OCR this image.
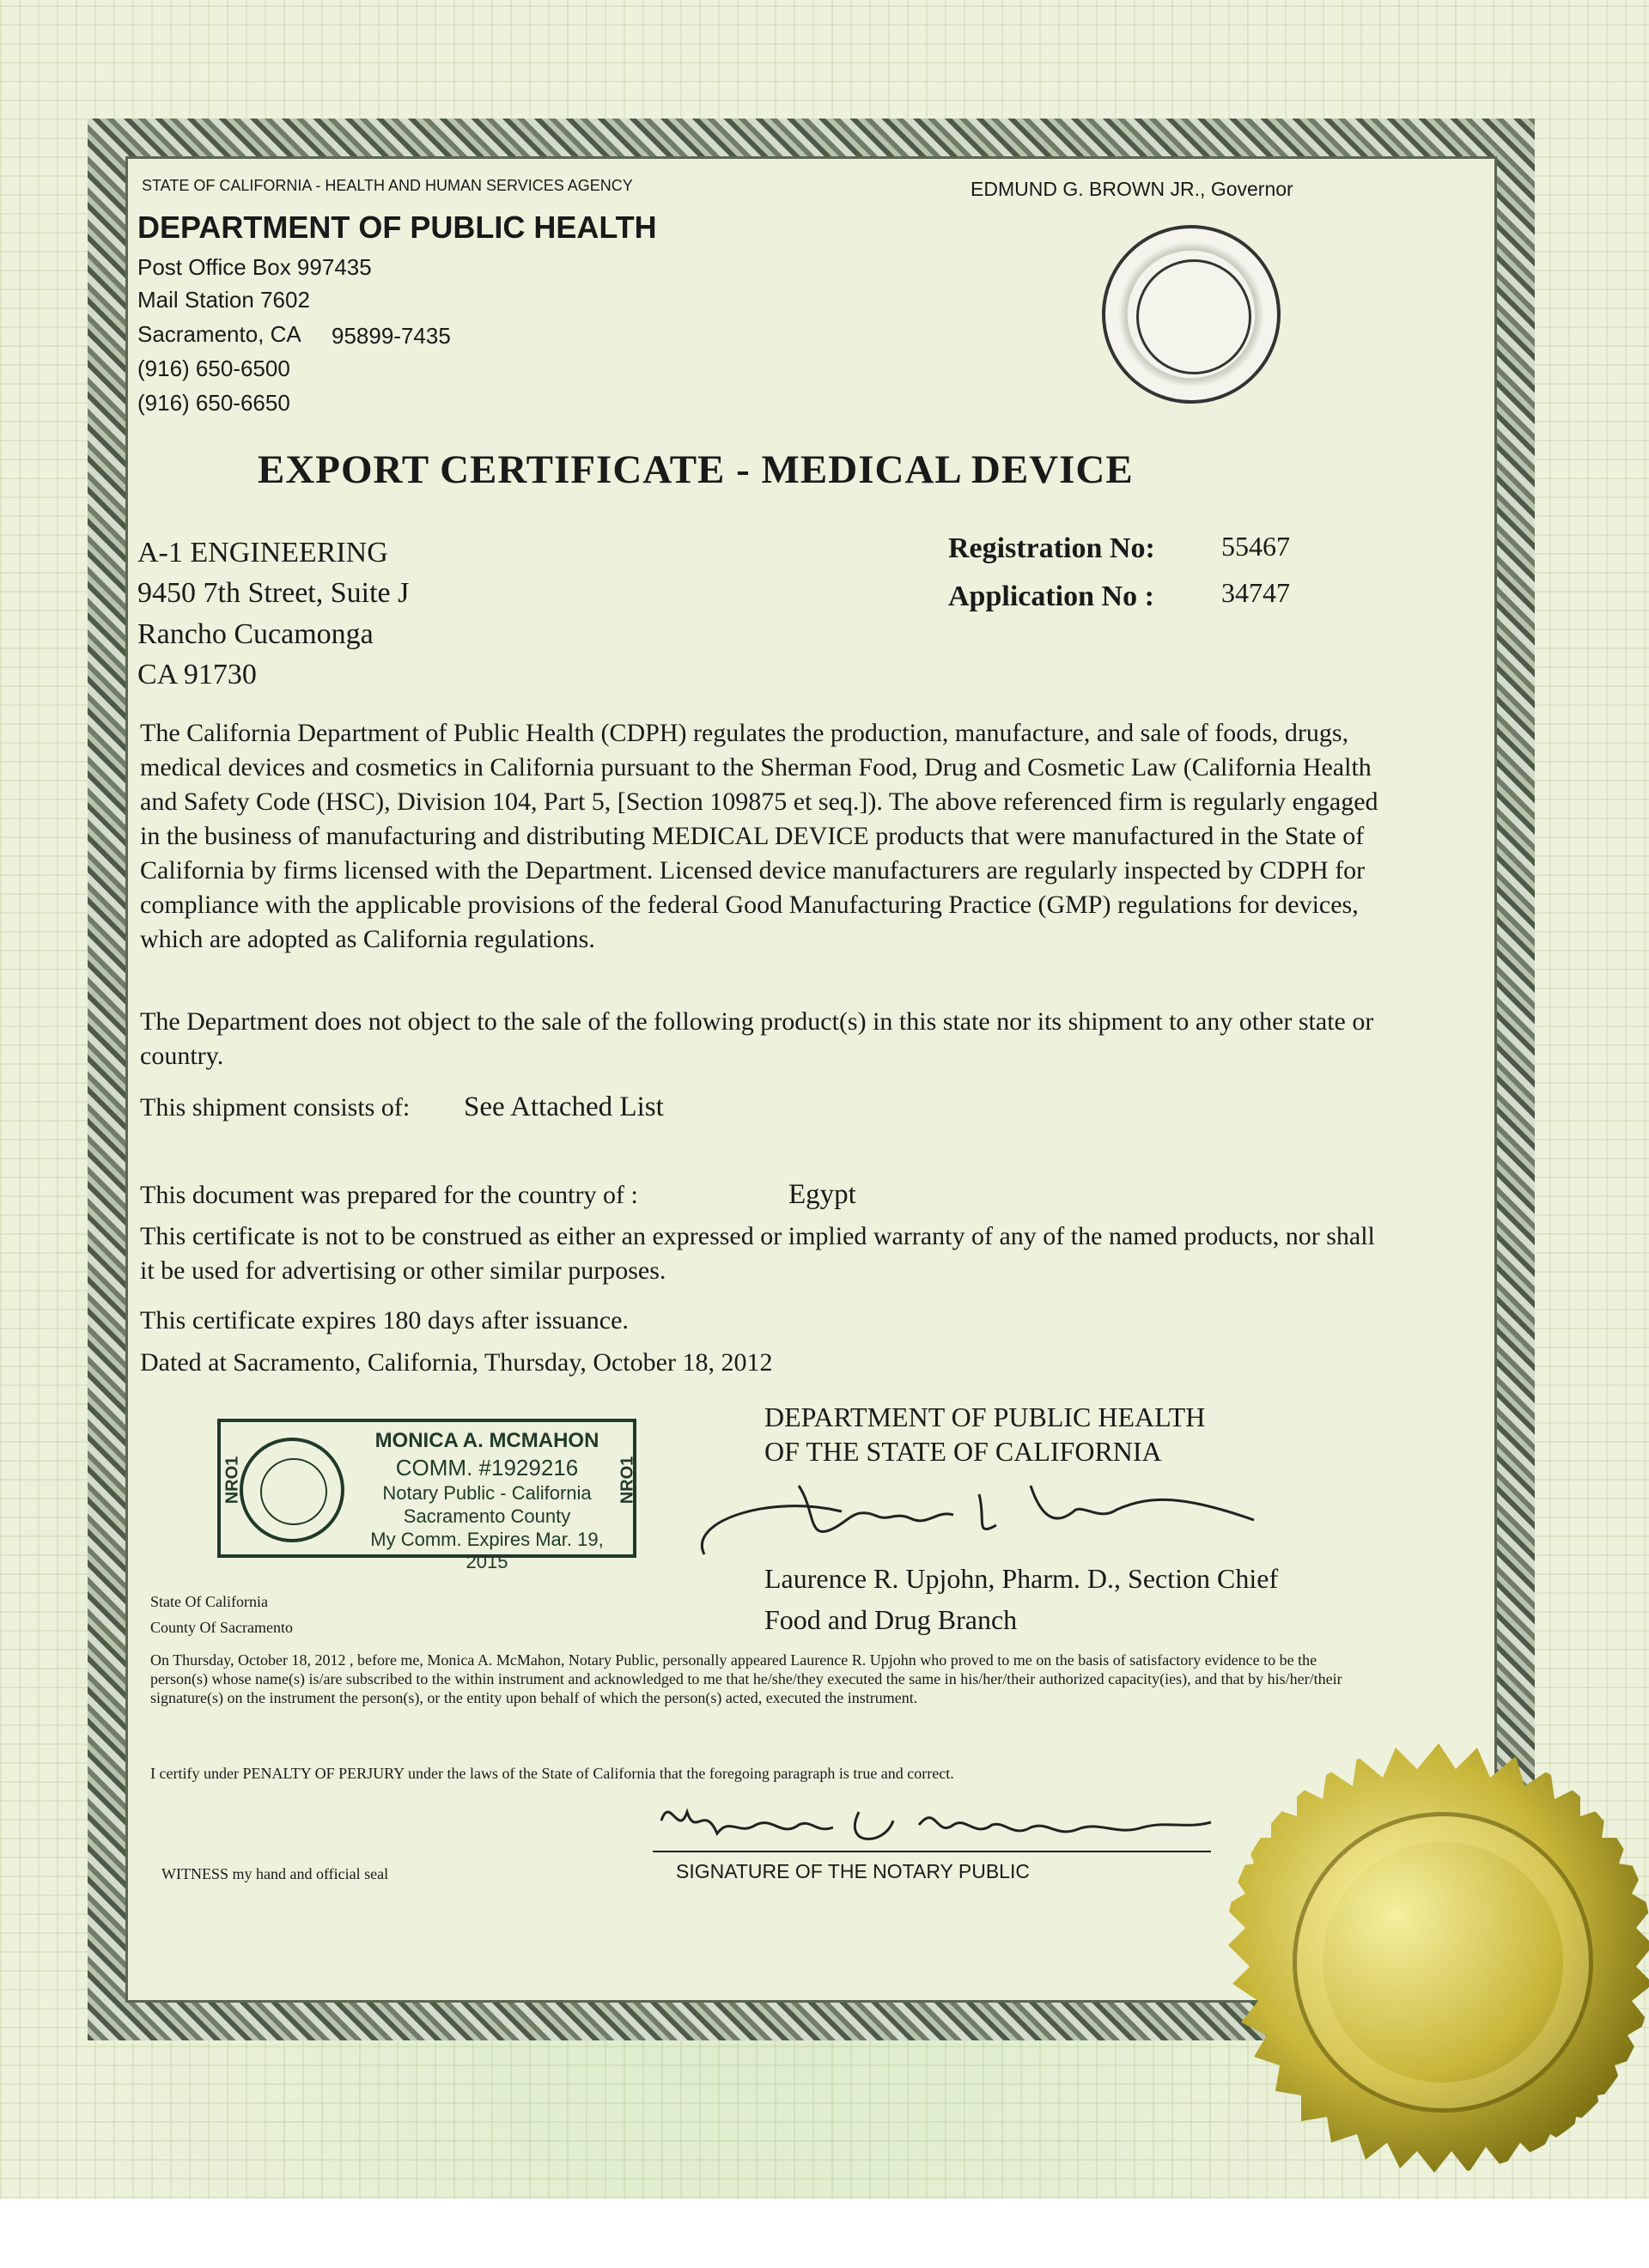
STATE OF CALIFORNIA - HEALTH AND HUMAN SERVICES AGENCY	EDMUND G. BROWN JR., Governor
DEPARTMENT OF PUBLIC HEALTH
Post Office Box 997435
Mail Station 7602
Sacramento, CA 95899-7435
(916) 650-6500
(916) 650-6650
EXPORT CERTIFICATE - MEDICAL DEVICE
A-1 ENGINEERING
9450 7th Street, Suite J
Rancho Cucamonga
CA 91730
Registration No: 55467
Application No : 34747
The California Department of Public Health (CDPH) regulates the production, manufacture, and sale of foods, drugs, medical devices and cosmetics in California pursuant to the Sherman Food, Drug and Cosmetic Law (California Health and Safety Code (HSC), Division 104, Part 5, [Section 109875 et seq.]). The above referenced firm is regularly engaged in the business of manufacturing and distributing MEDICAL DEVICE products that were manufactured in the State of California by firms licensed with the Department. Licensed device manufacturers are regularly inspected by CDPH for compliance with the applicable provisions of the federal Good Manufacturing Practice (GMP) regulations for devices, which are adopted as California regulations.
The Department does not object to the sale of the following product(s) in this state nor its shipment to any other state or country.
This shipment consists of: See Attached List
This document was prepared for the country of :	Egypt
This certificate is not to be construed as either an expressed or implied warranty of any of the named products, nor shall it be used for advertising or other similar purposes.
This certificate expires 180 days after issuance.
Dated at Sacramento, California, Thursday, October 18, 2012
DEPARTMENT OF PUBLIC HEALTH
OF THE STATE OF CALIFORNIA
Laurence R. Upjohn, Pharm. D., Section Chief
Food and Drug Branch
NRO1	NRO1
MONICA A. MCMAHON
COMM. #1929216
Notary Public - California
Sacramento County
My Comm. Expires Mar. 19, 2015
State Of California
County Of Sacramento
On Thursday, October 18, 2012 , before me, Monica A. McMahon, Notary Public, personally appeared Laurence R. Upjohn who proved to me on the basis of satisfactory evidence to be the person(s) whose name(s) is/are subscribed to the within instrument and acknowledged to me that he/she/they executed the same in his/her/their authorized capacity(ies), and that by his/her/their signature(s) on the instrument the person(s), or the entity upon behalf of which the person(s) acted, executed the instrument.
I certify under PENALTY OF PERJURY under the laws of the State of California that the foregoing paragraph is true and correct.
WITNESS my hand and official seal	SIGNATURE OF THE NOTARY PUBLIC
